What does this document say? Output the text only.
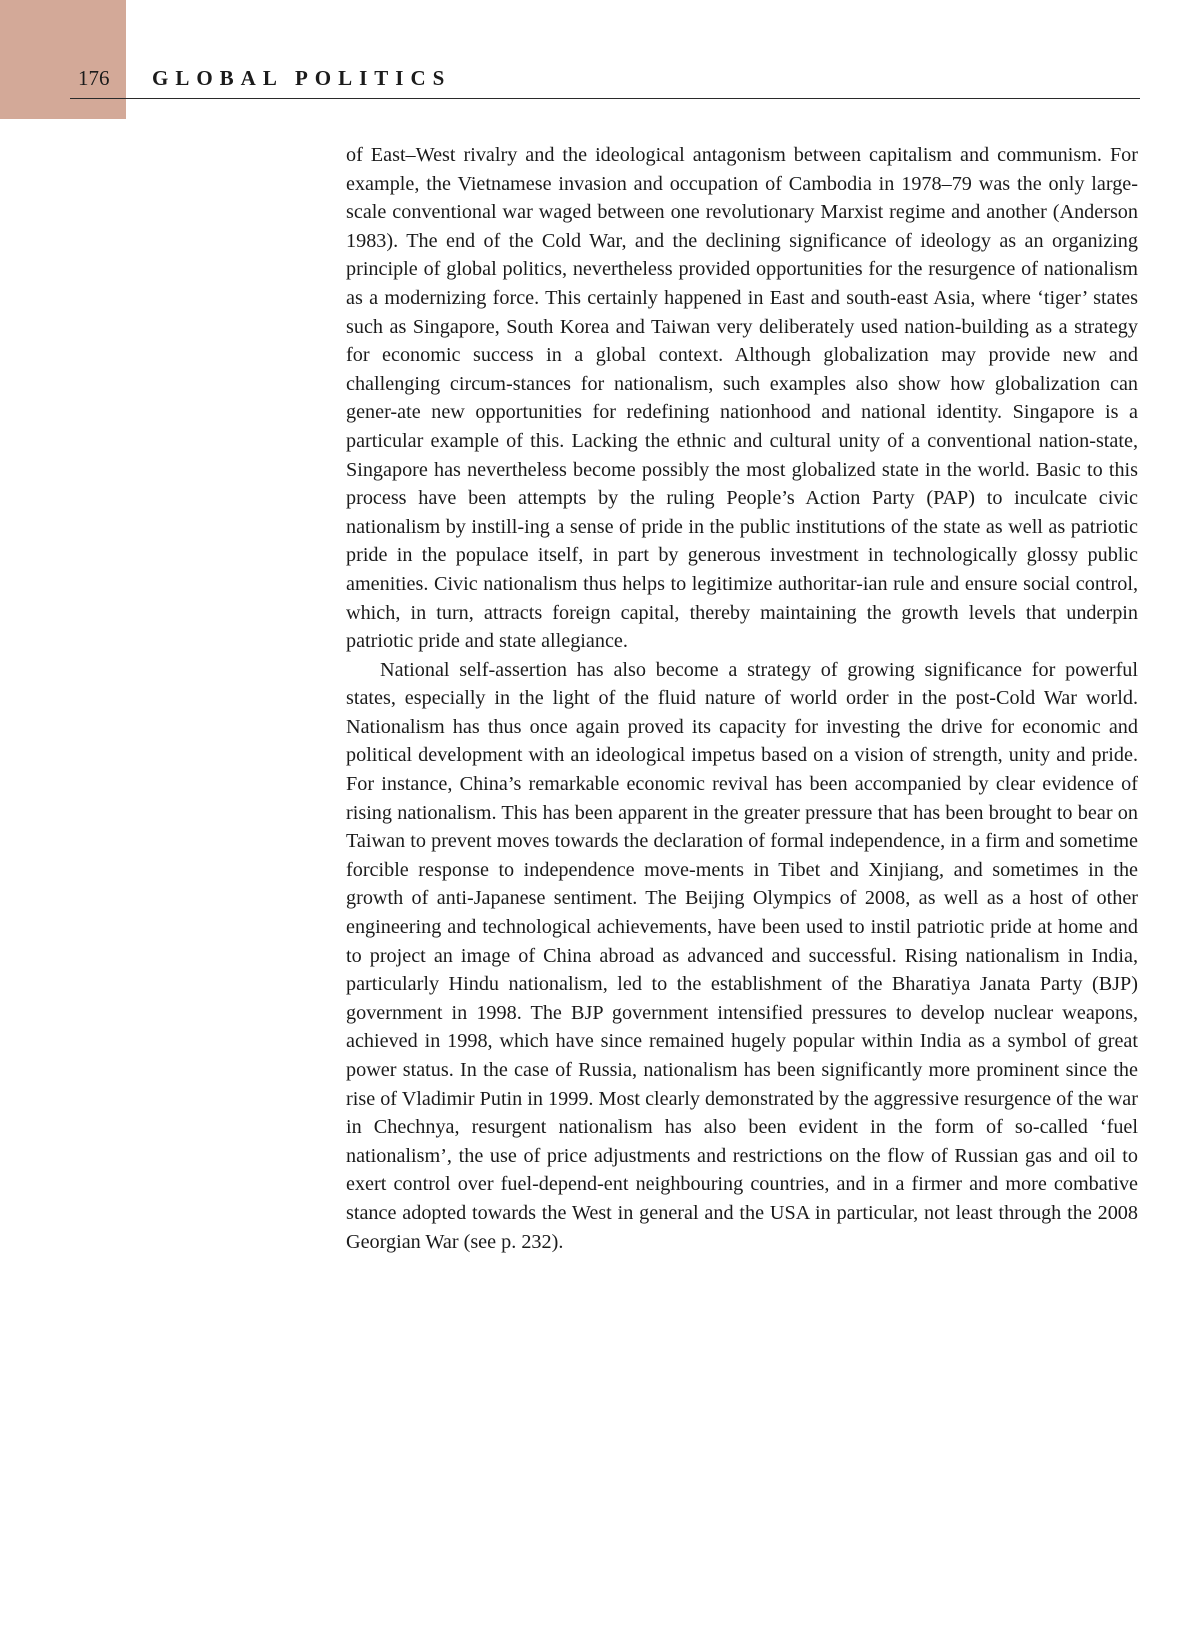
176 GLOBAL POLITICS

of East–West rivalry and the ideological antagonism between capitalism and communism. For example, the Vietnamese invasion and occupation of Cambodia in 1978–79 was the only large-scale conventional war waged between one revolutionary Marxist regime and another (Anderson 1983). The end of the Cold War, and the declining significance of ideology as an organizing principle of global politics, nevertheless provided opportunities for the resurgence of nationalism as a modernizing force. This certainly happened in East and south-east Asia, where ‘tiger’ states such as Singapore, South Korea and Taiwan very deliberately used nation-building as a strategy for economic success in a global context. Although globalization may provide new and challenging circum-stances for nationalism, such examples also show how globalization can gener-ate new opportunities for redefining nationhood and national identity. Singapore is a particular example of this. Lacking the ethnic and cultural unity of a conventional nation-state, Singapore has nevertheless become possibly the most globalized state in the world. Basic to this process have been attempts by the ruling People’s Action Party (PAP) to inculcate civic nationalism by instill-ing a sense of pride in the public institutions of the state as well as patriotic pride in the populace itself, in part by generous investment in technologically glossy public amenities. Civic nationalism thus helps to legitimize authoritar-ian rule and ensure social control, which, in turn, attracts foreign capital, thereby maintaining the growth levels that underpin patriotic pride and state allegiance.

National self-assertion has also become a strategy of growing significance for powerful states, especially in the light of the fluid nature of world order in the post-Cold War world. Nationalism has thus once again proved its capacity for investing the drive for economic and political development with an ideological impetus based on a vision of strength, unity and pride. For instance, China’s remarkable economic revival has been accompanied by clear evidence of rising nationalism. This has been apparent in the greater pressure that has been brought to bear on Taiwan to prevent moves towards the declaration of formal independence, in a firm and sometime forcible response to independence move-ments in Tibet and Xinjiang, and sometimes in the growth of anti-Japanese sentiment. The Beijing Olympics of 2008, as well as a host of other engineering and technological achievements, have been used to instil patriotic pride at home and to project an image of China abroad as advanced and successful. Rising nationalism in India, particularly Hindu nationalism, led to the establishment of the Bharatiya Janata Party (BJP) government in 1998. The BJP government intensified pressures to develop nuclear weapons, achieved in 1998, which have since remained hugely popular within India as a symbol of great power status. In the case of Russia, nationalism has been significantly more prominent since the rise of Vladimir Putin in 1999. Most clearly demonstrated by the aggressive resurgence of the war in Chechnya, resurgent nationalism has also been evident in the form of so-called ‘fuel nationalism’, the use of price adjustments and restrictions on the flow of Russian gas and oil to exert control over fuel-depend-ent neighbouring countries, and in a firmer and more combative stance adopted towards the West in general and the USA in particular, not least through the 2008 Georgian War (see p. 232).
